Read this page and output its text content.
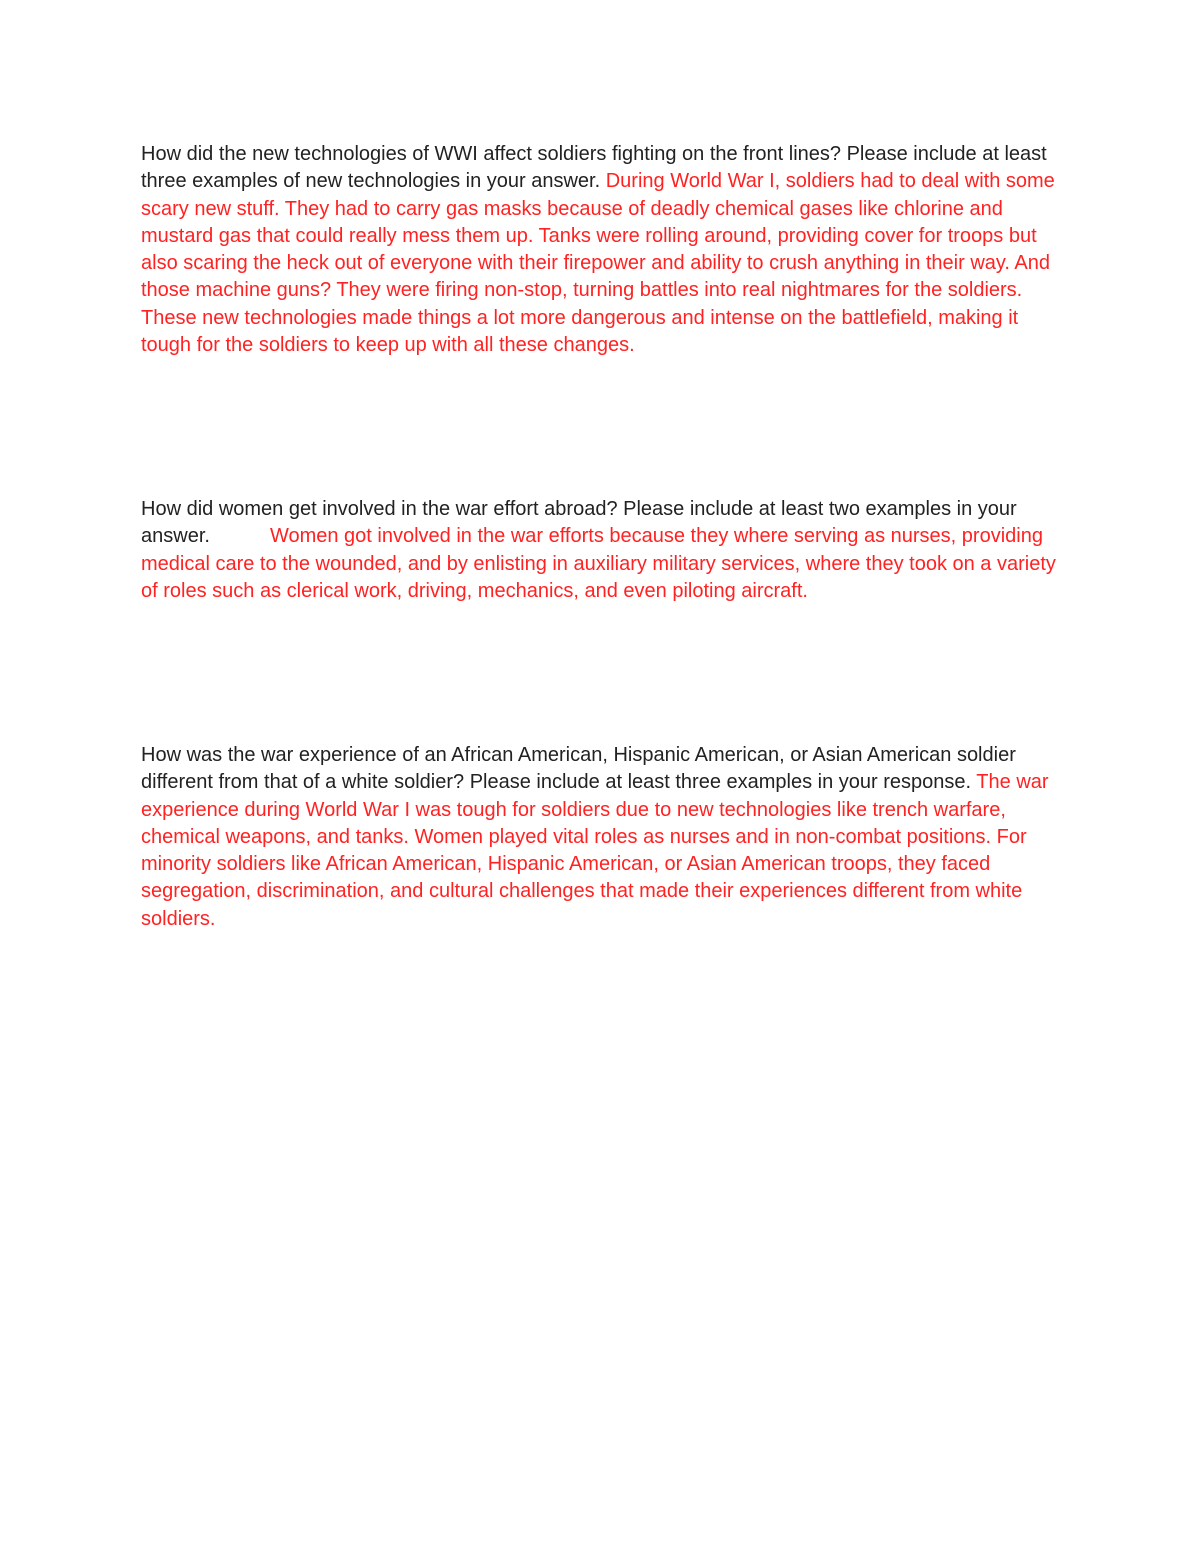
How did the new technologies of WWI affect soldiers fighting on the front lines? Please include at least three examples of new technologies in your answer. During World War I, soldiers had to deal with some scary new stuff. They had to carry gas masks because of deadly chemical gases like chlorine and mustard gas that could really mess them up. Tanks were rolling around, providing cover for troops but also scaring the heck out of everyone with their firepower and ability to crush anything in their way. And those machine guns? They were firing non-stop, turning battles into real nightmares for the soldiers. These new technologies made things a lot more dangerous and intense on the battlefield, making it tough for the soldiers to keep up with all these changes.

How did women get involved in the war effort abroad? Please include at least two examples in your answer.	Women got involved in the war efforts because they where serving as nurses, providing medical care to the wounded, and by enlisting in auxiliary military services, where they took on a variety of roles such as clerical work, driving, mechanics, and even piloting aircraft.

How was the war experience of an African American, Hispanic American, or Asian American soldier different from that of a white soldier? Please include at least three examples in your response. The war experience during World War I was tough for soldiers due to new technologies like trench warfare, chemical weapons, and tanks. Women played vital roles as nurses and in non-combat positions. For minority soldiers like African American, Hispanic American, or Asian American troops, they faced segregation, discrimination, and cultural challenges that made their experiences different from white soldiers.
